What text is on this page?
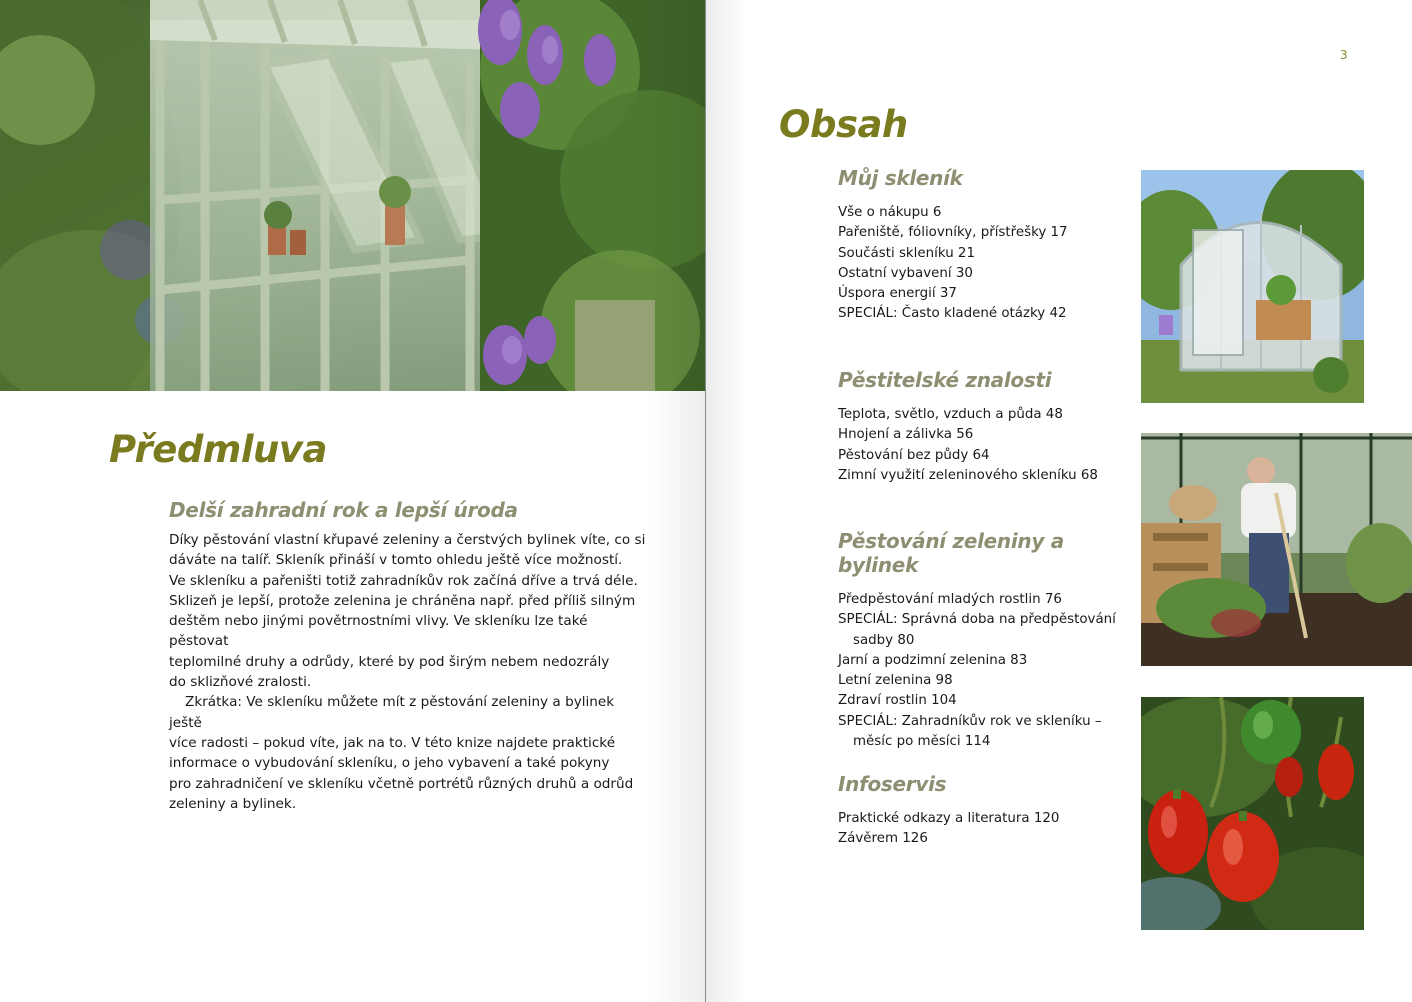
Předmluva
Delší zahradní rok a lepší úroda

Díky pěstování vlastní křupavé zeleniny a čerstvých bylinek víte, co si
dáváte na talíř. Skleník přináší v tomto ohledu ještě více možností.
Ve skleníku a pařeništi totiž zahradníkův rok začíná dříve a trvá déle.
Sklizeň je lepší, protože zelenina je chráněna např. před příliš silným
deštěm nebo jinými povětrnostními vlivy. Ve skleníku lze také pěstovat
teplomilné druhy a odrůdy, které by pod širým nebem nedozrály
do sklizňové zralosti.

Zkrátka: Ve skleníku můžete mít z pěstování zeleniny a bylinek ještě
více radosti – pokud víte, jak na to. V této knize najdete praktické
informace o vybudování skleníku, o jeho vybavení a také pokyny
pro zahradničení ve skleníku včetně portrétů různých druhů a odrůd
zeleniny a bylinek.

3
Obsah
Můj skleník

Vše o nákupu 6

Pařeniště, fóliovníky, přístřešky 17

Součásti skleníku 21

Ostatní vybavení 30

Úspora energií 37

SPECIÁL: Často kladené otázky 42

Pěstitelské znalosti

Teplota, světlo, vzduch a půda 48

Hnojení a zálivka 56

Pěstování bez půdy 64

Zimní využití zeleninového skleníku 68

Pěstování zeleniny a bylinek

Předpěstování mladých rostlin 76

SPECIÁL: Správná doba na předpěstování
sadby 80

Jarní a podzimní zelenina 83

Letní zelenina 98

Zdraví rostlin 104

SPECIÁL: Zahradníkův rok ve skleníku –
měsíc po měsíci 114

Infoservis

Praktické odkazy a literatura 120

Závěrem 126
